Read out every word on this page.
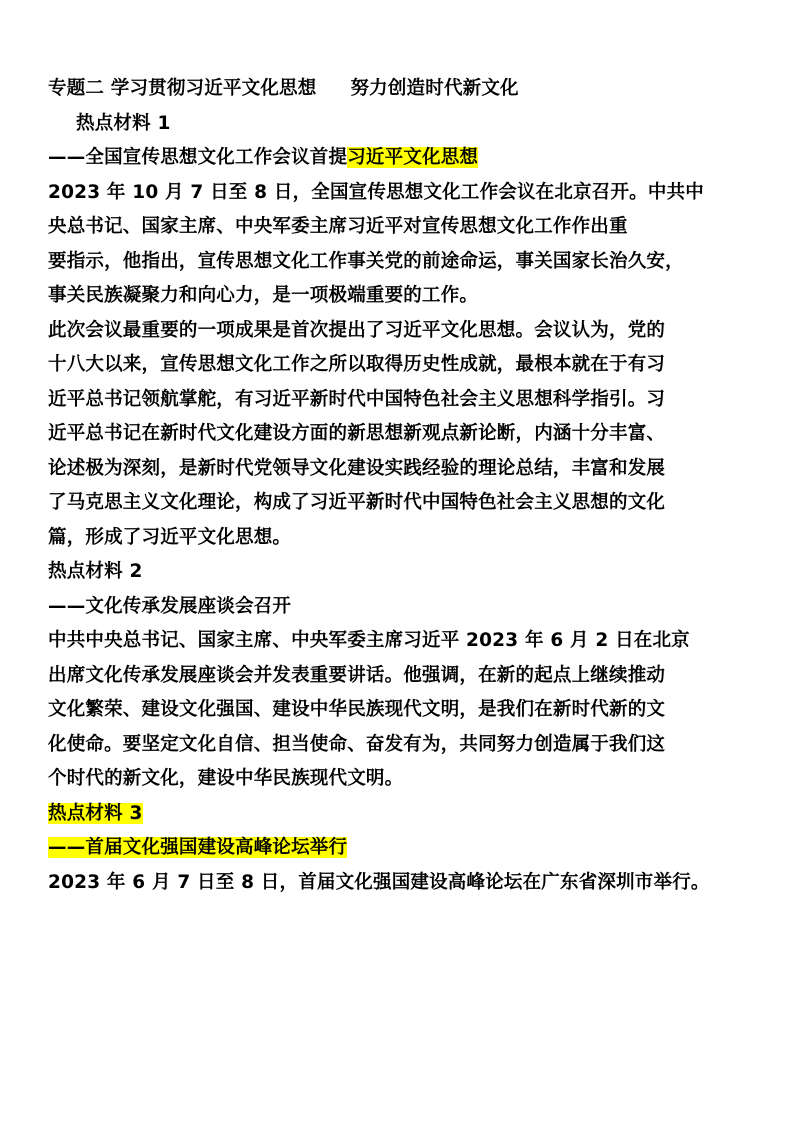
专题二 学习贯彻习近平文化思想 努力创造时代新文化
热点材料 1
——全国宣传思想文化工作会议首提习近平文化思想
2023 年 10 月 7 日至 8 日，全国宣传思想文化工作会议在北京召开。中共中
央总书记、国家主席、中央军委主席习近平对宣传思想文化工作作出重
要指示，他指出，宣传思想文化工作事关党的前途命运，事关国家长治久安，
事关民族凝聚力和向心力，是一项极端重要的工作。
此次会议最重要的一项成果是首次提出了习近平文化思想。会议认为，党的
十八大以来，宣传思想文化工作之所以取得历史性成就，最根本就在于有习
近平总书记领航掌舵，有习近平新时代中国特色社会主义思想科学指引。习
近平总书记在新时代文化建设方面的新思想新观点新论断，内涵十分丰富、
论述极为深刻，是新时代党领导文化建设实践经验的理论总结，丰富和发展
了马克思主义文化理论，构成了习近平新时代中国特色社会主义思想的文化
篇，形成了习近平文化思想。
热点材料 2
——文化传承发展座谈会召开
中共中央总书记、国家主席、中央军委主席习近平 2023 年 6 月 2 日在北京
出席文化传承发展座谈会并发表重要讲话。他强调，在新的起点上继续推动
文化繁荣、建设文化强国、建设中华民族现代文明，是我们在新时代新的文
化使命。要坚定文化自信、担当使命、奋发有为，共同努力创造属于我们这
个时代的新文化，建设中华民族现代文明。
热点材料 3
——首届文化强国建设高峰论坛举行
2023 年 6 月 7 日至 8 日，首届文化强国建设高峰论坛在广东省深圳市举行。
